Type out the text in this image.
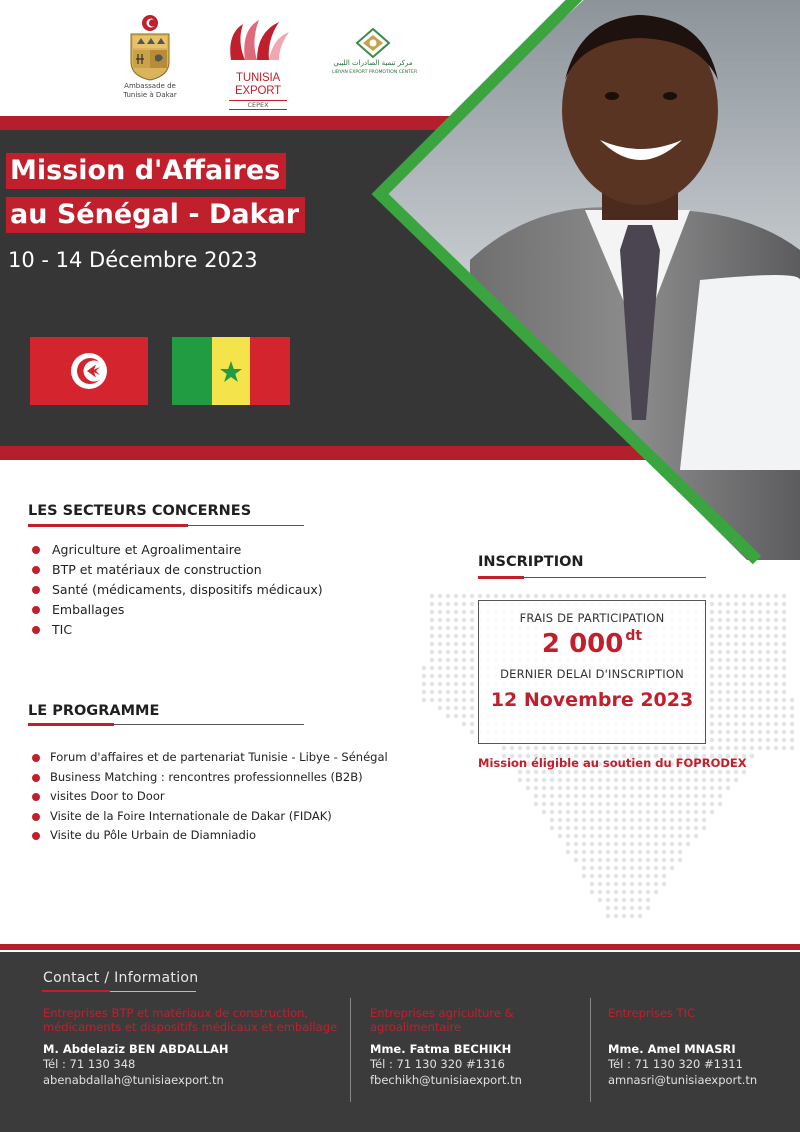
Ambassade de
Tunisie à Dakar
TUNISIA EXPORT
CEPEX
مركز تنمية الصادرات الليبي
LIBYAN EXPORT PROMOTION CENTER
Mission d'Affaires
au Sénégal - Dakar
10 - 14 Décembre 2023
LES SECTEURS CONCERNES
Agriculture et Agroalimentaire
BTP et matériaux de construction
Santé (médicaments, dispositifs médicaux)
Emballages
TIC
LE PROGRAMME
Forum d'affaires et de partenariat Tunisie - Libye - Sénégal
Business Matching : rencontres professionnelles (B2B)
visites Door to Door
Visite de la Foire Internationale de Dakar (FIDAK)
Visite du Pôle Urbain de Diamniadio
INSCRIPTION
FRAIS DE PARTICIPATION
2 000 $^{dt}$
DERNIER DELAI D'INSCRIPTION
12 Novembre 2023
Mission éligible au soutien du FOPRODEX
Contact / Information
Entreprises BTP et matériaux de construction, médicaments et dispositifs médicaux et emballage
M. Abdelaziz BEN ABDALLAH
Tél : 71 130 348
abenabdallah@tunisiaexport.tn
Entreprises agriculture & agroalimentaire
Mme. Fatma BECHIKH
Tél : 71 130 320 #1316
fbechikh@tunisiaexport.tn
Entreprises TIC
Mme. Amel MNASRI
Tél : 71 130 320 #1311
amnasri@tunisiaexport.tn
